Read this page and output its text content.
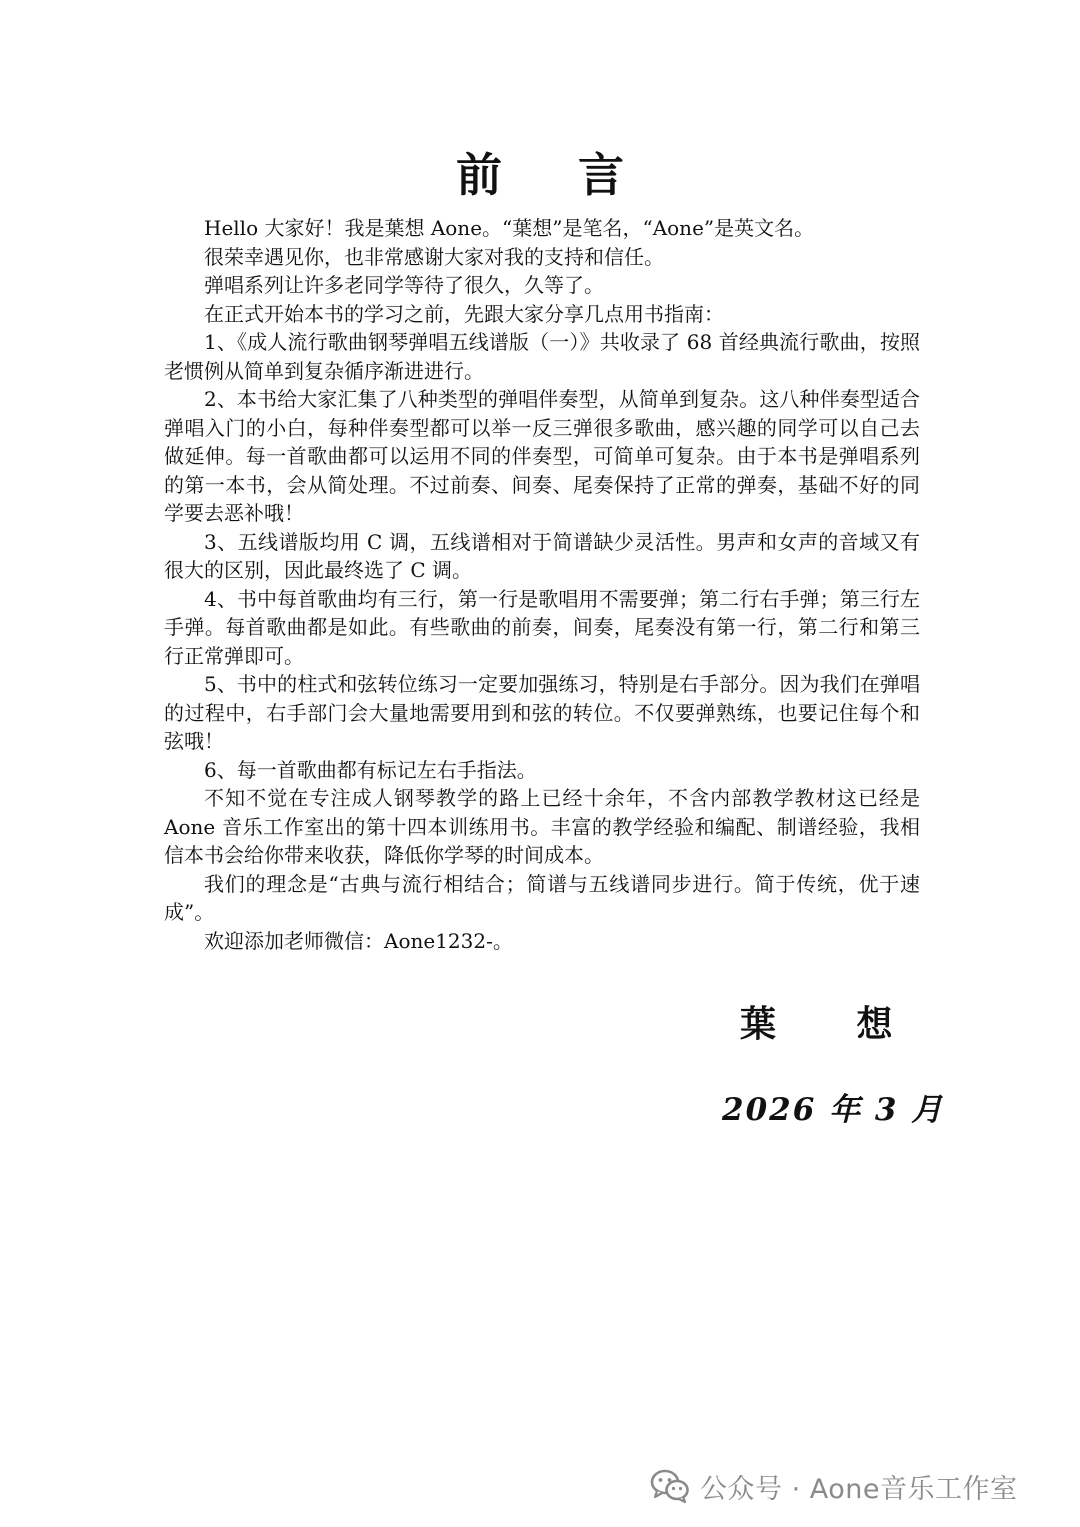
前 言

Hello 大家好！我是葉想 Aone。“葉想”是笔名，“Aone”是英文名。

很荣幸遇见你，也非常感谢大家对我的支持和信任。

弹唱系列让许多老同学等待了很久，久等了。

在正式开始本书的学习之前，先跟大家分享几点用书指南：

1、《成人流行歌曲钢琴弹唱五线谱版（一）》共收录了 68 首经典流行歌曲，按照老惯例从简单到复杂循序渐进进行。

2、本书给大家汇集了八种类型的弹唱伴奏型，从简单到复杂。这八种伴奏型适合弹唱入门的小白，每种伴奏型都可以举一反三弹很多歌曲，感兴趣的同学可以自己去做延伸。每一首歌曲都可以运用不同的伴奏型，可简单可复杂。由于本书是弹唱系列的第一本书，会从简处理。不过前奏、间奏、尾奏保持了正常的弹奏，基础不好的同学要去恶补哦！

3、五线谱版均用 C 调，五线谱相对于简谱缺少灵活性。男声和女声的音域又有很大的区别，因此最终选了 C 调。

4、书中每首歌曲均有三行，第一行是歌唱用不需要弹；第二行右手弹；第三行左手弹。每首歌曲都是如此。有些歌曲的前奏，间奏，尾奏没有第一行，第二行和第三行正常弹即可。

5、书中的柱式和弦转位练习一定要加强练习，特别是右手部分。因为我们在弹唱的过程中，右手部门会大量地需要用到和弦的转位。不仅要弹熟练，也要记住每个和弦哦！

6、每一首歌曲都有标记左右手指法。

不知不觉在专注成人钢琴教学的路上已经十余年，不含内部教学教材这已经是 Aone 音乐工作室出的第十四本训练用书。丰富的教学经验和编配、制谱经验，我相信本书会给你带来收获，降低你学琴的时间成本。

我们的理念是“古典与流行相结合；简谱与五线谱同步进行。简于传统，优于速成”。

欢迎添加老师微信：Aone1232-。

葉 想
2026 年 3 月
公众号 · Aone音乐工作室
